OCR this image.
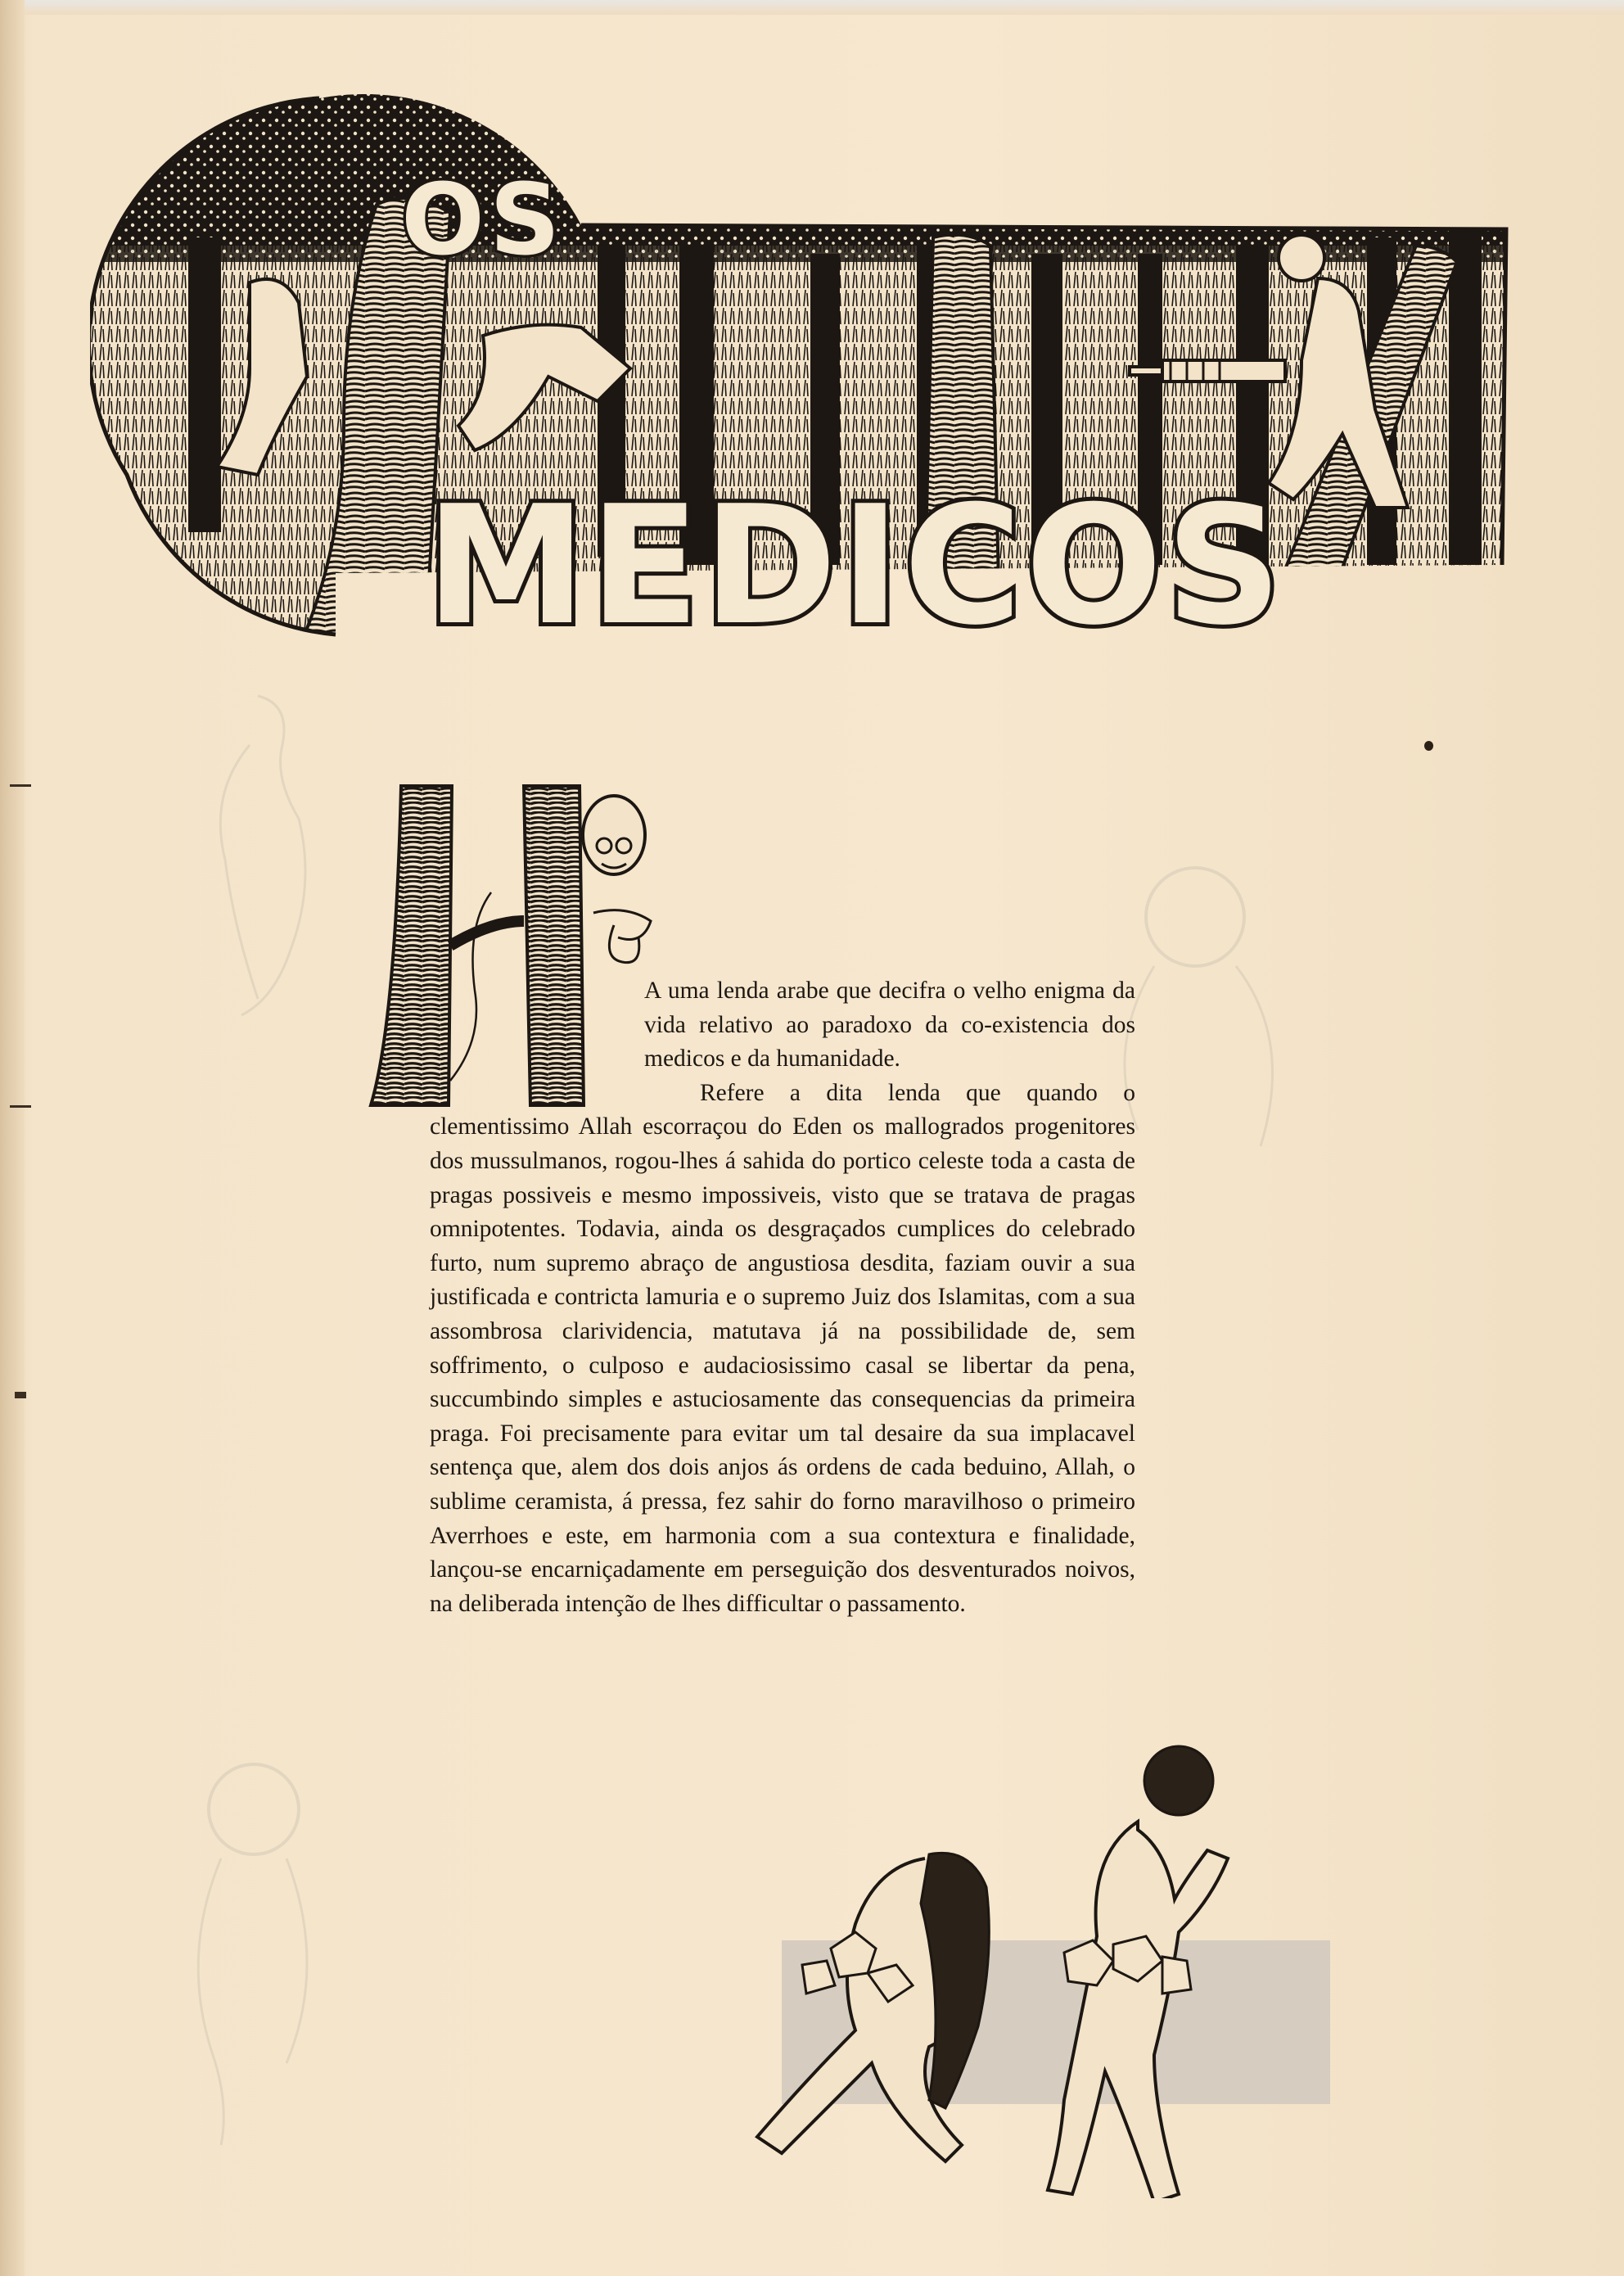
OS
MEDICOS

A uma lenda arabe que decifra o velho enigma da vida relativo ao paradoxo da co-existencia dos medicos e da humanidade.

Refere a dita lenda que quando o clementissimo Allah escorraçou do Eden os mallogrados progenitores dos mussulmanos, rogou-lhes á sahida do portico celeste toda a casta de pragas possiveis e mesmo impossiveis, visto que se tratava de pragas omnipotentes. Todavia, ainda os desgraçados cumplices do celebrado furto, num supremo abraço de angustiosa desdita, faziam ouvir a sua justificada e contricta lamuria e o supremo Juiz dos Islamitas, com a sua assombrosa clarividencia, matutava já na possibilidade de, sem soffrimento, o culposo e audaciosissimo casal se libertar da pena, succumbindo simples e astuciosamente das consequencias da primeira praga. Foi precisamente para evitar um tal desaire da sua implacavel sentença que, alem dos dois anjos ás ordens de cada beduino, Allah, o sublime ceramista, á pressa, fez sahir do forno maravilhoso o primeiro Averrhoes e este, em harmonia com a sua contextura e finalidade, lançou-se encarniçadamente em perseguição dos desventurados noivos, na deliberada intenção de lhes difficultar o passamento.
